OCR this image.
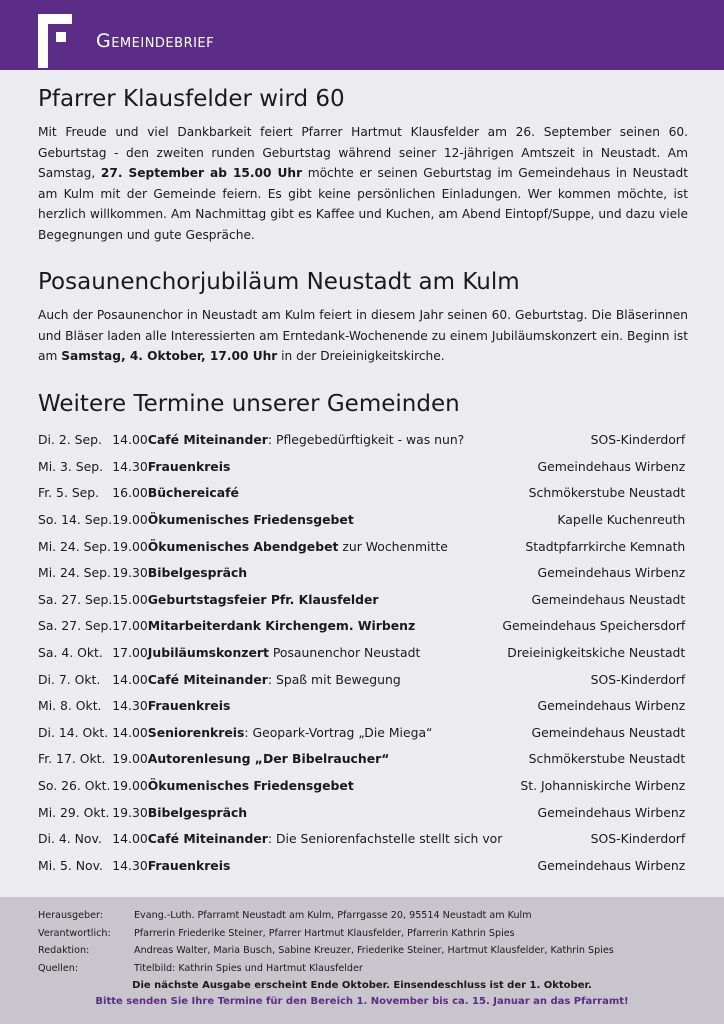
Gemeindebrief
Pfarrer Klausfelder wird 60

Mit Freude und viel Dankbarkeit feiert Pfarrer Hartmut Klausfelder am 26. September seinen 60. Geburtstag - den zweiten runden Geburtstag während seiner 12-jährigen Amtszeit in Neustadt. Am Samstag, 27. September ab 15.00 Uhr möchte er seinen Geburtstag im Gemeindehaus in Neustadt am Kulm mit der Gemeinde feiern. Es gibt keine persönlichen Einladungen. Wer kommen möchte, ist herzlich willkommen. Am Nachmittag gibt es Kaffee und Kuchen, am Abend Eintopf/Suppe, und dazu viele Begegnungen und gute Gespräche.

Posaunenchorjubiläum Neustadt am Kulm

Auch der Posaunenchor in Neustadt am Kulm feiert in diesem Jahr seinen 60. Geburtstag. Die Bläserinnen und Bläser laden alle Interessierten am Erntedank-Wochenende zu einem Jubiläumskonzert ein. Beginn ist am Samstag, 4. Oktober, 17.00 Uhr in der Dreieinigkeitskirche.

Weitere Termine unserer Gemeinden
Di. 2. Sep.	14.00	Café Miteinander: Pflegebedürftigkeit - was nun?	SOS-Kinderdorf
Mi. 3. Sep.	14.30	Frauenkreis	Gemeindehaus Wirbenz
Fr. 5. Sep.	16.00	Büchereicafé	Schmökerstube Neustadt
So. 14. Sep.	19.00	Ökumenisches Friedensgebet	Kapelle Kuchenreuth
Mi. 24. Sep.	19.00	Ökumenisches Abendgebet zur Wochenmitte	Stadtpfarrkirche Kemnath
Mi. 24. Sep.	19.30	Bibelgespräch	Gemeindehaus Wirbenz
Sa. 27. Sep.	15.00	Geburtstagsfeier Pfr. Klausfelder	Gemeindehaus Neustadt
Sa. 27. Sep.	17.00	Mitarbeiterdank Kirchengem. Wirbenz	Gemeindehaus Speichersdorf
Sa. 4. Okt.	17.00	Jubiläumskonzert Posaunenchor Neustadt	Dreieinigkeitskiche Neustadt
Di. 7. Okt.	14.00	Café Miteinander: Spaß mit Bewegung	SOS-Kinderdorf
Mi. 8. Okt.	14.30	Frauenkreis	Gemeindehaus Wirbenz
Di. 14. Okt.	14.00	Seniorenkreis: Geopark-Vortrag „Die Miega“	Gemeindehaus Neustadt
Fr. 17. Okt.	19.00	Autorenlesung „Der Bibelraucher“	Schmökerstube Neustadt
So. 26. Okt.	19.00	Ökumenisches Friedensgebet	St. Johanniskirche Wirbenz
Mi. 29. Okt.	19.30	Bibelgespräch	Gemeindehaus Wirbenz
Di. 4. Nov.	14.00	Café Miteinander: Die Seniorenfachstelle stellt sich vor	SOS-Kinderdorf
Mi. 5. Nov.	14.30	Frauenkreis	Gemeindehaus Wirbenz
Herausgeber:	Evang.-Luth. Pfarramt Neustadt am Kulm, Pfarrgasse 20, 95514 Neustadt am Kulm
Verantwortlich:	Pfarrerin Friederike Steiner, Pfarrer Hartmut Klausfelder, Pfarrerin Kathrin Spies
Redaktion:	Andreas Walter, Maria Busch, Sabine Kreuzer, Friederike Steiner, Hartmut Klausfelder, Kathrin Spies
Quellen:	Titelbild: Kathrin Spies und Hartmut Klausfelder
Die nächste Ausgabe erscheint Ende Oktober. Einsendeschluss ist der 1. Oktober.
Bitte senden Sie Ihre Termine für den Bereich 1. November bis ca. 15. Januar an das Pfarramt!
